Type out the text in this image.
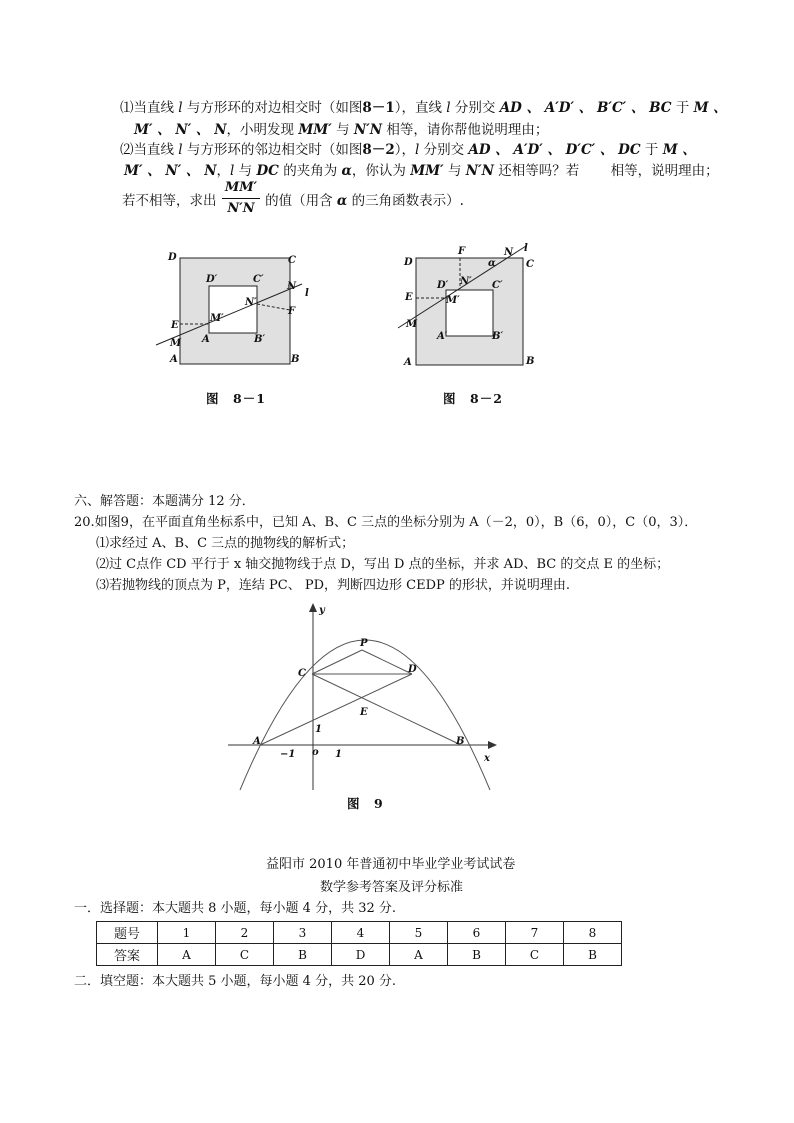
⑴当直线 l 与方形环的对边相交时（如图8－1），直线 l 分别交 AD 、 A′D′ 、 B′C′ 、 BC 于 M 、
M′ 、 N′ 、 N，小明发现 MM′ 与 N′N 相等，请你帮他说明理由；
⑵当直线 l 与方形环的邻边相交时（如图8－2），l 分别交 AD 、 A′D′ 、 D′C′ 、 DC 于 M 、
M′ 、 N′ 、 N，l 与 DC 的夹角为 α，你认为 MM′ 与 N′N 还相等吗？若　　 相等，说明理由；
若不相等，求出	的值（用含 α 的三角函数表示）.
MM′
N′N
D	C
A	B
D′	C′
A	B′
N
l
N′
F
E
M′
M
图　8－1
D	C
A	B
F	N l
α
D′ N′ C′
E	M′
M
A′	B′
图　8－2
六、解答题：本题满分 12 分．
20.如图9，在平面直角坐标系中，已知 A、B、C 三点的坐标分别为 A（－2，0），B（6，0），C（0，3）．
⑴求经过 A、B、C 三点的抛物线的解析式；
⑵过 C点作 CD 平行于 x 轴交抛物线于点 D，写出 D 点的坐标，并求 AD、BC 的交点 E 的坐标；
⑶若抛物线的顶点为 P，连结 PC、 PD，判断四边形 CEDP 的形状，并说明理由.
y
x
P
C	D
E
A	B
1
−1 o 1
图　9
益阳市 2010 年普通初中毕业学业考试试卷
数学参考答案及评分标准
一．选择题：本大题共 8 小题，每小题 4 分，共 32 分.
题号	1	2	3	4	5	6	7	8
答案	A	C	B	D	A	B	C	B
二．填空题：本大题共 5 小题，每小题 4 分，共 20 分.
